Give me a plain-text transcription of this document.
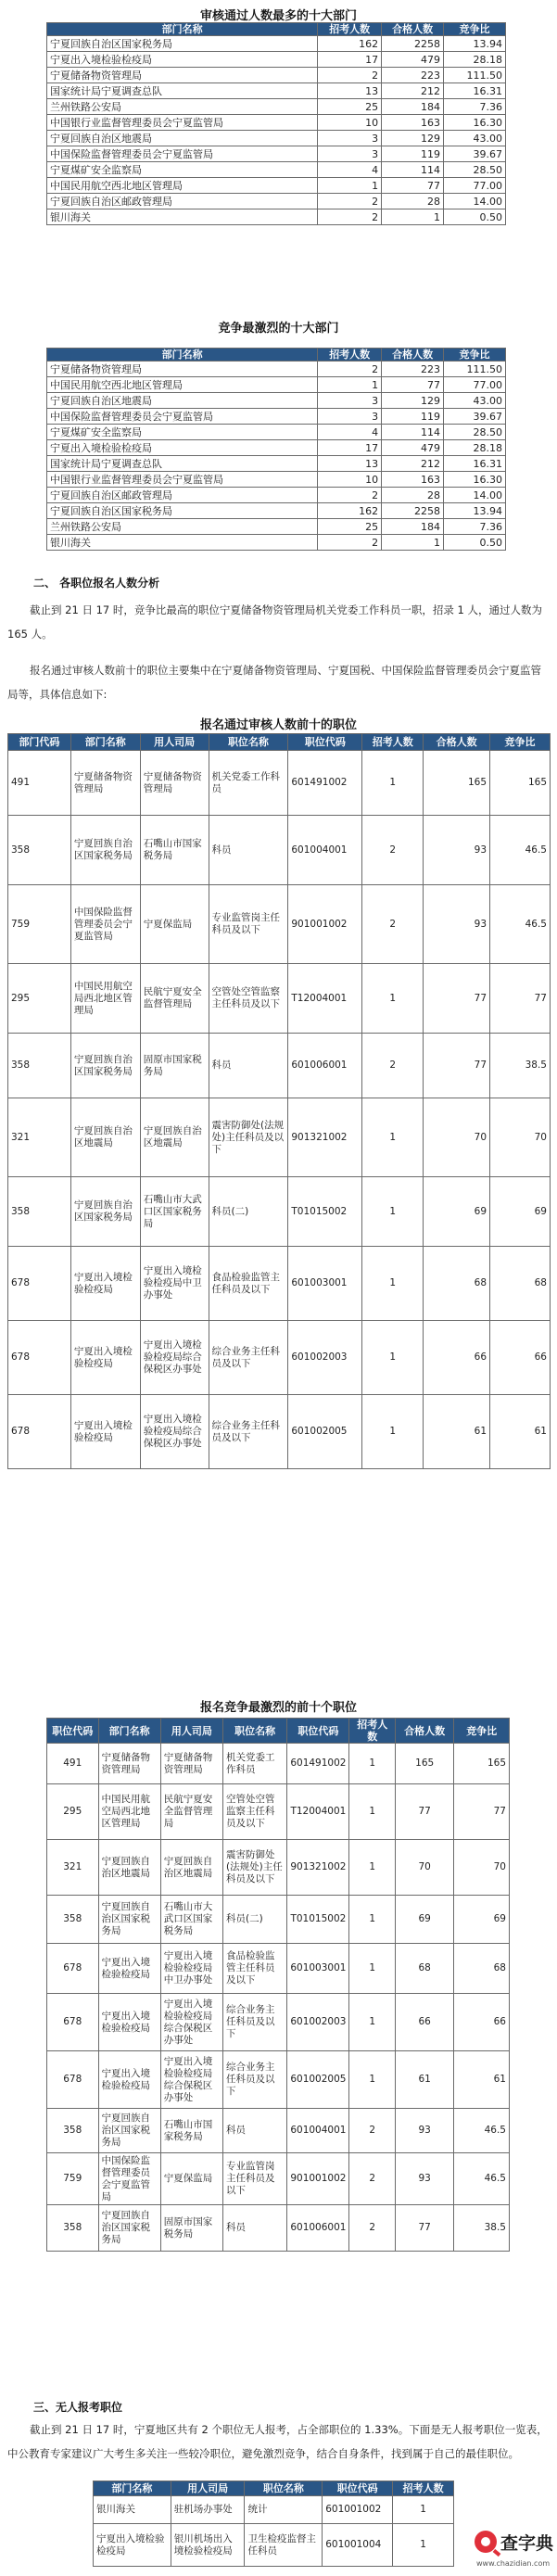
审核通过人数最多的十大部门
部门名称	招考人数	合格人数	竞争比
宁夏回族自治区国家税务局	162	2258	13.94
宁夏出入境检验检疫局	17	479	28.18
宁夏储备物资管理局	2	223	111.50
国家统计局宁夏调查总队	13	212	16.31
兰州铁路公安局	25	184	7.36
中国银行业监督管理委员会宁夏监管局	10	163	16.30
宁夏回族自治区地震局	3	129	43.00
中国保险监督管理委员会宁夏监管局	3	119	39.67
宁夏煤矿安全监察局	4	114	28.50
中国民用航空西北地区管理局	1	77	77.00
宁夏回族自治区邮政管理局	2	28	14.00
银川海关	2	1	0.50
竞争最激烈的十大部门
部门名称	招考人数	合格人数	竞争比
宁夏储备物资管理局	2	223	111.50
中国民用航空西北地区管理局	1	77	77.00
宁夏回族自治区地震局	3	129	43.00
中国保险监督管理委员会宁夏监管局	3	119	39.67
宁夏煤矿安全监察局	4	114	28.50
宁夏出入境检验检疫局	17	479	28.18
国家统计局宁夏调查总队	13	212	16.31
中国银行业监督管理委员会宁夏监管局	10	163	16.30
宁夏回族自治区邮政管理局	2	28	14.00
宁夏回族自治区国家税务局	162	2258	13.94
兰州铁路公安局	25	184	7.36
银川海关	2	1	0.50
二、 各职位报名人数分析
截止到 21 日 17 时，竞争比最高的职位宁夏储备物资管理局机关党委工作科员一职，招录 1 人，通过人数为 165 人。
报名通过审核人数前十的职位主要集中在宁夏储备物资管理局、宁夏国税、中国保险监督管理委员会宁夏监管局等，具体信息如下:
报名通过审核人数前十的职位
部门代码	部门名称	用人司局	职位名称	职位代码	招考人数	合格人数	竞争比
491	宁夏储备物资管理局	宁夏储备物资管理局	机关党委工作科员	601491002	1	165	165
358	宁夏回族自治区国家税务局	石嘴山市国家税务局	科员	601004001	2	93	46.5
759	中国保险监督管理委员会宁夏监管局	宁夏保监局	专业监管岗主任科员及以下	901001002	2	93	46.5
295	中国民用航空局西北地区管理局	民航宁夏安全监督管理局	空管处空管监察主任科员及以下	T12004001	1	77	77
358	宁夏回族自治区国家税务局	固原市国家税务局	科员	601006001	2	77	38.5
321	宁夏回族自治区地震局	宁夏回族自治区地震局	震害防御处(法规处)主任科员及以下	901321002	1	70	70
358	宁夏回族自治区国家税务局	石嘴山市大武口区国家税务局	科员(二)	T01015002	1	69	69
678	宁夏出入境检验检疫局	宁夏出入境检验检疫局中卫办事处	食品检验监管主任科员及以下	601003001	1	68	68
678	宁夏出入境检验检疫局	宁夏出入境检验检疫局综合保税区办事处	综合业务主任科员及以下	601002003	1	66	66
678	宁夏出入境检验检疫局	宁夏出入境检验检疫局综合保税区办事处	综合业务主任科员及以下	601002005	1	61	61
报名竞争最激烈的前十个职位
职位代码	部门名称	用人司局	职位名称	职位代码	招考人数	合格人数	竞争比
491	宁夏储备物资管理局	宁夏储备物资管理局	机关党委工作科员	601491002	1	165	165
295	中国民用航空局西北地区管理局	民航宁夏安全监督管理局	空管处空管监察主任科员及以下	T12004001	1	77	77
321	宁夏回族自治区地震局	宁夏回族自治区地震局	震害防御处(法规处)主任科员及以下	901321002	1	70	70
358	宁夏回族自治区国家税务局	石嘴山市大武口区国家税务局	科员(二)	T01015002	1	69	69
678	宁夏出入境检验检疫局	宁夏出入境检验检疫局中卫办事处	食品检验监管主任科员及以下	601003001	1	68	68
678	宁夏出入境检验检疫局	宁夏出入境检验检疫局综合保税区办事处	综合业务主任科员及以下	601002003	1	66	66
678	宁夏出入境检验检疫局	宁夏出入境检验检疫局综合保税区办事处	综合业务主任科员及以下	601002005	1	61	61
358	宁夏回族自治区国家税务局	石嘴山市国家税务局	科员	601004001	2	93	46.5
759	中国保险监督管理委员会宁夏监管局	宁夏保监局	专业监管岗主任科员及以下	901001002	2	93	46.5
358	宁夏回族自治区国家税务局	固原市国家税务局	科员	601006001	2	77	38.5
三、无人报考职位
截止到 21 日 17 时，宁夏地区共有 2 个职位无人报考，占全部职位的 1.33%。下面是无人报考职位一览表，中公教育专家建议广大考生多关注一些较冷职位，避免激烈竞争，结合自身条件，找到属于自己的最佳职位。
部门名称	用人司局	职位名称	职位代码	招考人数
银川海关	驻机场办事处	统计	601001002	1
宁夏出入境检验检疫局	银川机场出入境检验检疫局	卫生检疫监督主任科员	601001004	1	查字典
www.chazidian.com
